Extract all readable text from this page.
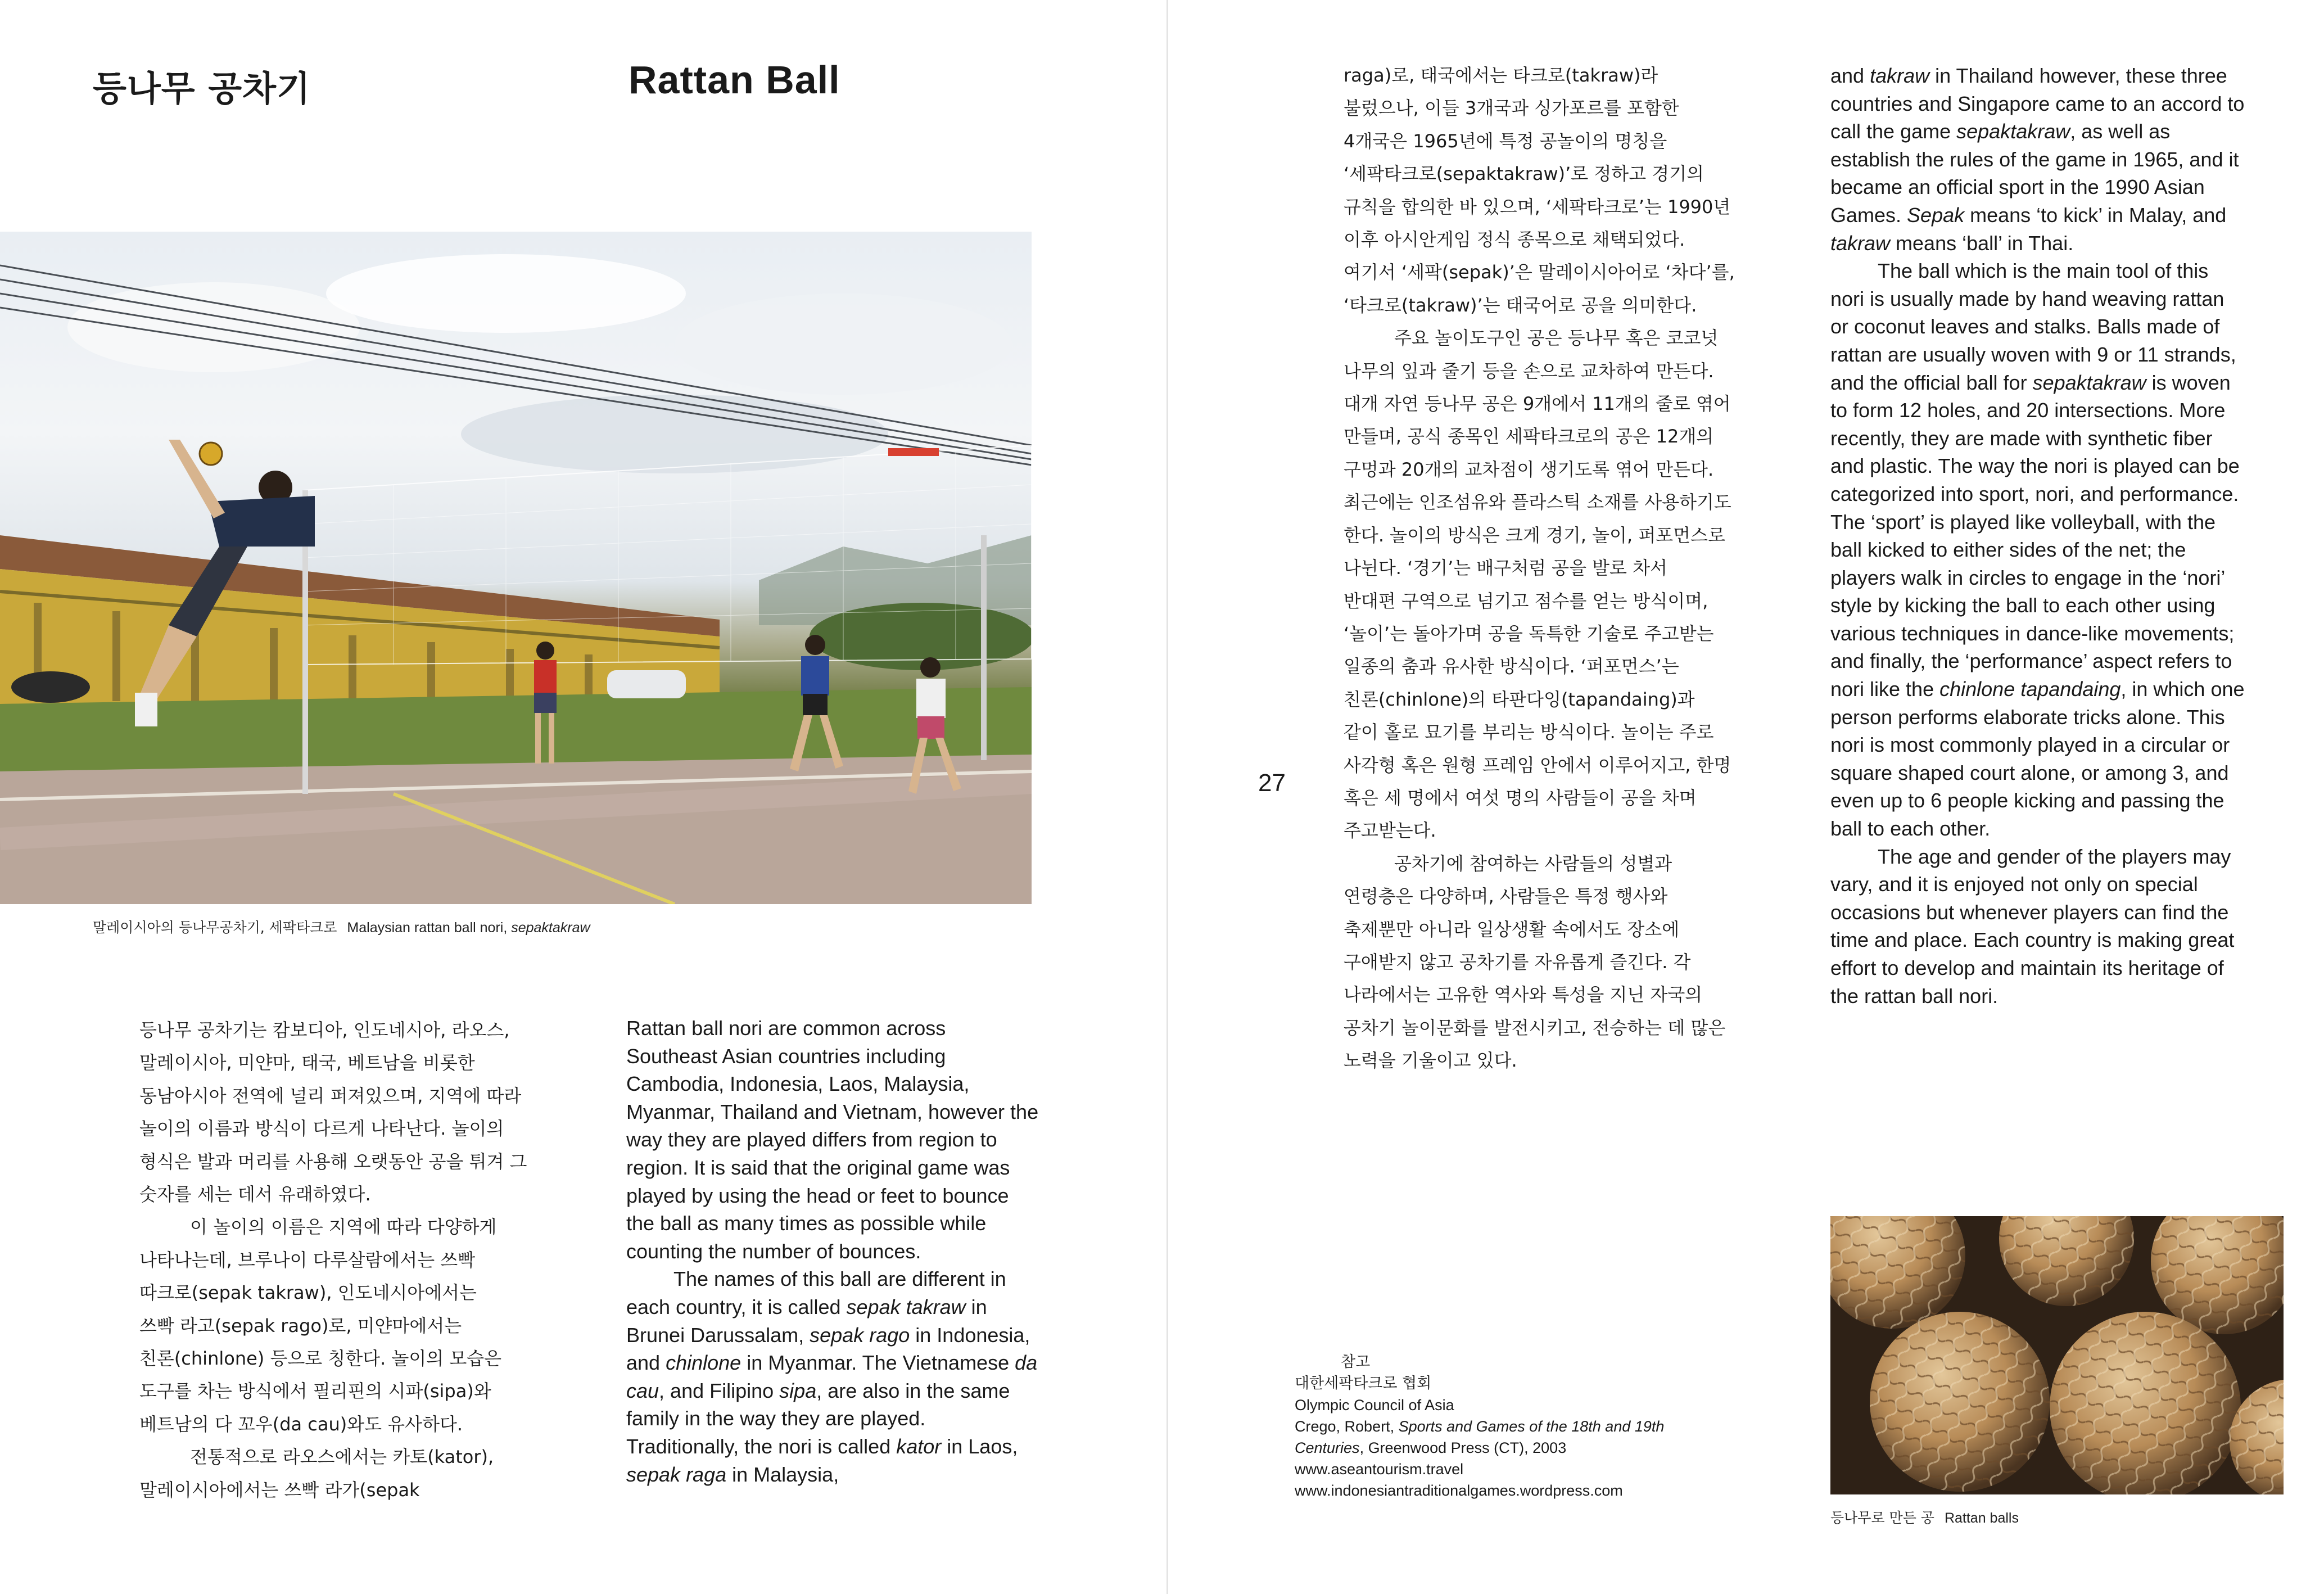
등나무 공차기	Rattan Ball
말레이시아의 등나무공차기, 세팍타크로 Malaysian rattan ball nori, sepaktakraw

등나무 공차기는 캄보디아, 인도네시아, 라오스,

말레이시아, 미얀마, 태국, 베트남을 비롯한

동남아시아 전역에 널리 퍼져있으며, 지역에 따라

놀이의 이름과 방식이 다르게 나타난다. 놀이의

형식은 발과 머리를 사용해 오랫동안 공을 튀겨 그

숫자를 세는 데서 유래하였다.

이 놀이의 이름은 지역에 따라 다양하게

나타나는데, 브루나이 다루살람에서는 쓰빡

따크로(sepak takraw), 인도네시아에서는

쓰빡 라고(sepak rago)로, 미얀마에서는

친론(chinlone) 등으로 칭한다. 놀이의 모습은

도구를 차는 방식에서 필리핀의 시파(sipa)와

베트남의 다 꼬우(da cau)와도 유사하다.

전통적으로 라오스에서는 카토(kator),

말레이시아에서는 쓰빡 라가(sepak

Rattan ball nori are common across Southeast Asian countries including Cambodia, Indonesia, Laos, Malaysia, Myanmar, Thailand and Vietnam, however the way they are played differs from region to region. It is said that the original game was played by using the head or feet to bounce the ball as many times as possible while counting the number of bounces.

The names of this ball are different in each country, it is called sepak takraw in Brunei Darussalam, sepak rago in Indonesia, and chinlone in Myanmar. The Vietnamese da cau, and Filipino sipa, are also in the same family in the way they are played. Traditionally, the nori is called kator in Laos, sepak raga in Malaysia,

27

raga)로, 태국에서는 타크로(takraw)라

불렀으나, 이들 3개국과 싱가포르를 포함한

4개국은 1965년에 특정 공놀이의 명칭을

‘세팍타크로(sepaktakraw)’로 정하고 경기의

규칙을 합의한 바 있으며, ‘세팍타크로’는 1990년

이후 아시안게임 정식 종목으로 채택되었다.

여기서 ‘세팍(sepak)’은 말레이시아어로 ‘차다’를,

‘타크로(takraw)’는 태국어로 공을 의미한다.

주요 놀이도구인 공은 등나무 혹은 코코넛

나무의 잎과 줄기 등을 손으로 교차하여 만든다.

대개 자연 등나무 공은 9개에서 11개의 줄로 엮어

만들며, 공식 종목인 세팍타크로의 공은 12개의

구멍과 20개의 교차점이 생기도록 엮어 만든다.

최근에는 인조섬유와 플라스틱 소재를 사용하기도

한다. 놀이의 방식은 크게 경기, 놀이, 퍼포먼스로

나뉜다. ‘경기’는 배구처럼 공을 발로 차서

반대편 구역으로 넘기고 점수를 얻는 방식이며,

‘놀이’는 돌아가며 공을 독특한 기술로 주고받는

일종의 춤과 유사한 방식이다. ‘퍼포먼스’는

친론(chinlone)의 타판다잉(tapandaing)과

같이 홀로 묘기를 부리는 방식이다. 놀이는 주로

사각형 혹은 원형 프레임 안에서 이루어지고, 한명

혹은 세 명에서 여섯 명의 사람들이 공을 차며

주고받는다.

공차기에 참여하는 사람들의 성별과

연령층은 다양하며, 사람들은 특정 행사와

축제뿐만 아니라 일상생활 속에서도 장소에

구애받지 않고 공차기를 자유롭게 즐긴다. 각

나라에서는 고유한 역사와 특성을 지닌 자국의

공차기 놀이문화를 발전시키고, 전승하는 데 많은

노력을 기울이고 있다.

and takraw in Thailand however, these three countries and Singapore came to an accord to call the game sepaktakraw, as well as establish the rules of the game in 1965, and it became an official sport in the 1990 Asian Games. Sepak means ‘to kick’ in Malay, and takraw means ‘ball’ in Thai.

The ball which is the main tool of this nori is usually made by hand weaving rattan or coconut leaves and stalks. Balls made of rattan are usually woven with 9 or 11 strands, and the official ball for sepaktakraw is woven to form 12 holes, and 20 intersections. More recently, they are made with synthetic fiber and plastic. The way the nori is played can be categorized into sport, nori, and performance. The ‘sport’ is played like volleyball, with the ball kicked to either sides of the net; the players walk in circles to engage in the ‘nori’ style by kicking the ball to each other using various techniques in dance-like movements; and finally, the ‘performance’ aspect refers to nori like the chinlone tapandaing, in which one person performs elaborate tricks alone. This nori is most commonly played in a circular or square shaped court alone, or among 3, and even up to 6 people kicking and passing the ball to each other.

The age and gender of the players may vary, and it is enjoyed not only on special occasions but whenever players can find the time and place. Each country is making great effort to develop and maintain its heritage of the rattan ball nori.

참고
대한세팍타크로 협회
Olympic Council of Asia
Crego, Robert, Sports and Games of the 18th and 19th
Centuries, Greenwood Press (CT), 2003
www.aseantourism.travel
www.indonesiantraditionalgames.wordpress.com
등나무로 만든 공 Rattan balls
